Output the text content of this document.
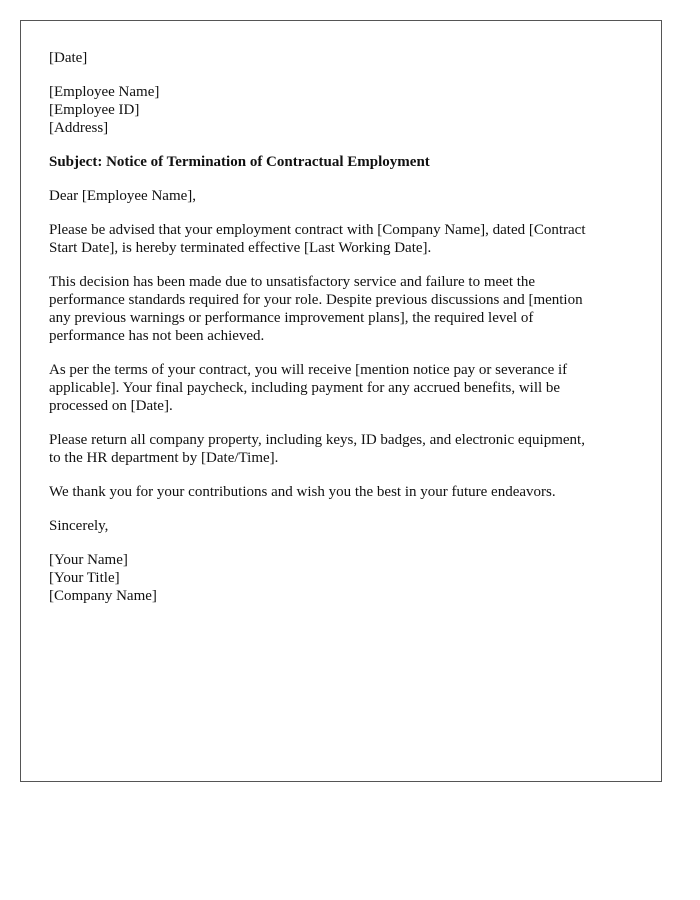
[Date]

[Employee Name]
[Employee ID]
[Address]

Subject: Notice of Termination of Contractual Employment

Dear [Employee Name],

Please be advised that your employment contract with [Company Name], dated [Contract
Start Date], is hereby terminated effective [Last Working Date].

This decision has been made due to unsatisfactory service and failure to meet the
performance standards required for your role. Despite previous discussions and [mention
any previous warnings or performance improvement plans], the required level of
performance has not been achieved.

As per the terms of your contract, you will receive [mention notice pay or severance if
applicable]. Your final paycheck, including payment for any accrued benefits, will be
processed on [Date].

Please return all company property, including keys, ID badges, and electronic equipment,
to the HR department by [Date/Time].

We thank you for your contributions and wish you the best in your future endeavors.

Sincerely,

[Your Name]
[Your Title]
[Company Name]
